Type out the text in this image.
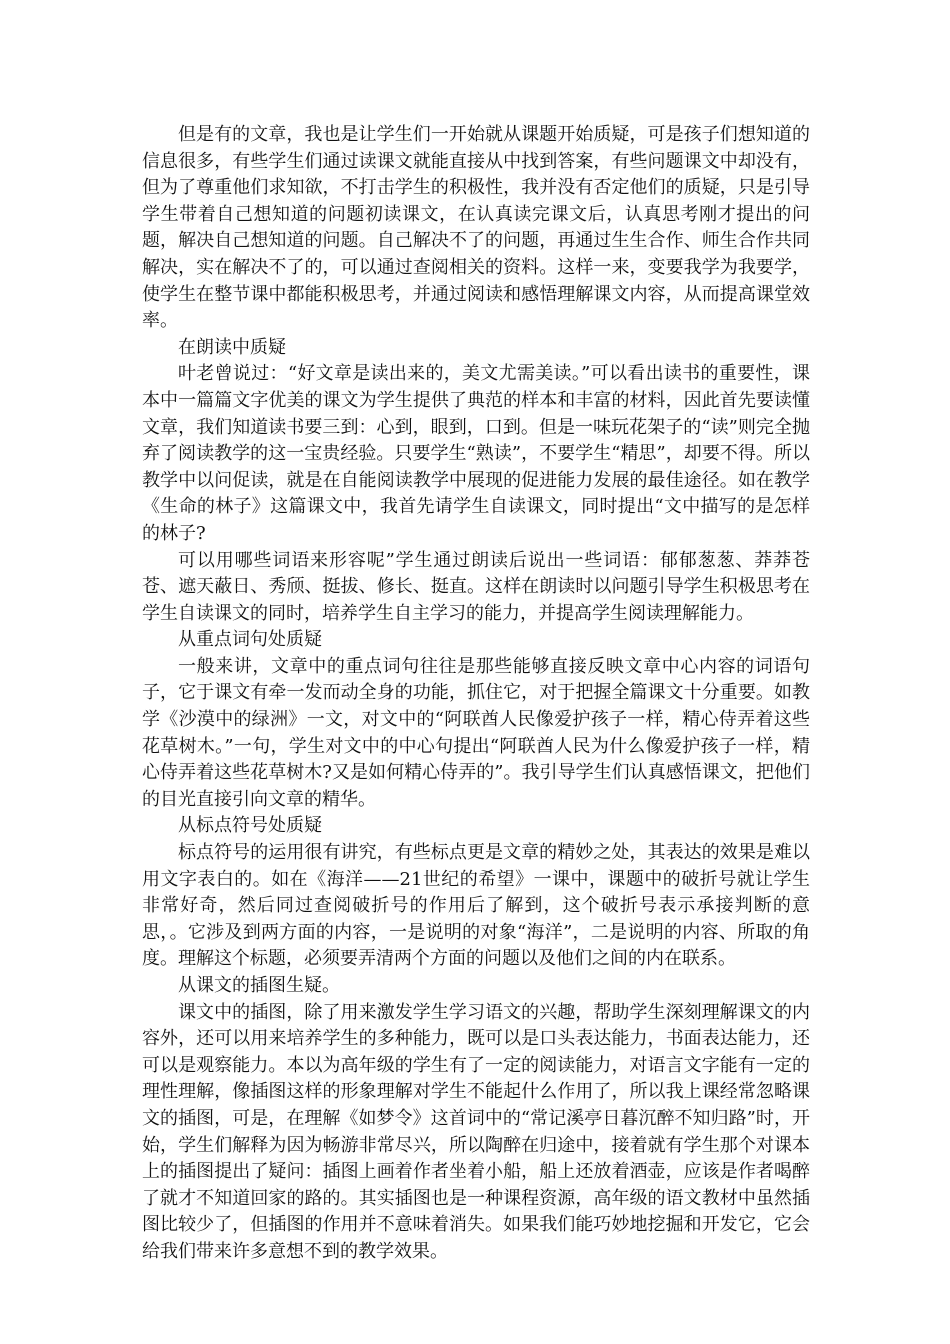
但是有的文章，我也是让学生们一开始就从课题开始质疑，可是孩子们想知道的信息很多，有些学生们通过读课文就能直接从中找到答案，有些问题课文中却没有，但为了尊重他们求知欲，不打击学生的积极性，我并没有否定他们的质疑，只是引导学生带着自己想知道的问题初读课文，在认真读完课文后，认真思考刚才提出的问题，解决自己想知道的问题。自己解决不了的问题，再通过生生合作、师生合作共同解决，实在解决不了的，可以通过查阅相关的资料。这样一来，变要我学为我要学，使学生在整节课中都能积极思考，并通过阅读和感悟理解课文内容，从而提高课堂效率。

在朗读中质疑

叶老曾说过：“好文章是读出来的，美文尤需美读。”可以看出读书的重要性，课本中一篇篇文字优美的课文为学生提供了典范的样本和丰富的材料，因此首先要读懂文章，我们知道读书要三到：心到，眼到，口到。但是一味玩花架子的“读”则完全抛弃了阅读教学的这一宝贵经验。只要学生“熟读”，不要学生“精思”，却要不得。所以教学中以问促读，就是在自能阅读教学中展现的促进能力发展的最佳途径。如在教学《生命的林子》这篇课文中，我首先请学生自读课文，同时提出“文中描写的是怎样的林子?

可以用哪些词语来形容呢”学生通过朗读后说出一些词语：郁郁葱葱、莽莽苍苍、遮天蔽日、秀颀、挺拔、修长、挺直。这样在朗读时以问题引导学生积极思考在学生自读课文的同时，培养学生自主学习的能力，并提高学生阅读理解能力。

从重点词句处质疑

一般来讲，文章中的重点词句往往是那些能够直接反映文章中心内容的词语句子，它于课文有牵一发而动全身的功能，抓住它，对于把握全篇课文十分重要。如教学《沙漠中的绿洲》一文，对文中的“阿联酋人民像爱护孩子一样，精心侍弄着这些花草树木。”一句，学生对文中的中心句提出“阿联酋人民为什么像爱护孩子一样，精心侍弄着这些花草树木?又是如何精心侍弄的”。我引导学生们认真感悟课文，把他们的目光直接引向文章的精华。

从标点符号处质疑

标点符号的运用很有讲究，有些标点更是文章的精妙之处，其表达的效果是难以用文字表白的。如在《海洋——21世纪的希望》一课中，课题中的破折号就让学生非常好奇，然后同过查阅破折号的作用后了解到，这个破折号表示承接判断的意思，。它涉及到两方面的内容，一是说明的对象“海洋”，二是说明的内容、所取的角度。理解这个标题，必须要弄清两个方面的问题以及他们之间的内在联系。

从课文的插图生疑。

课文中的插图，除了用来激发学生学习语文的兴趣，帮助学生深刻理解课文的内容外，还可以用来培养学生的多种能力，既可以是口头表达能力，书面表达能力，还可以是观察能力。本以为高年级的学生有了一定的阅读能力，对语言文字能有一定的理性理解，像插图这样的形象理解对学生不能起什么作用了，所以我上课经常忽略课文的插图，可是，在理解《如梦令》这首词中的“常记溪亭日暮沉醉不知归路”时，开始，学生们解释为因为畅游非常尽兴，所以陶醉在归途中，接着就有学生那个对课本上的插图提出了疑问：插图上画着作者坐着小船，船上还放着酒壶，应该是作者喝醉了就才不知道回家的路的。其实插图也是一种课程资源，高年级的语文教材中虽然插图比较少了，但插图的作用并不意味着消失。如果我们能巧妙地挖掘和开发它，它会给我们带来许多意想不到的教学效果。
